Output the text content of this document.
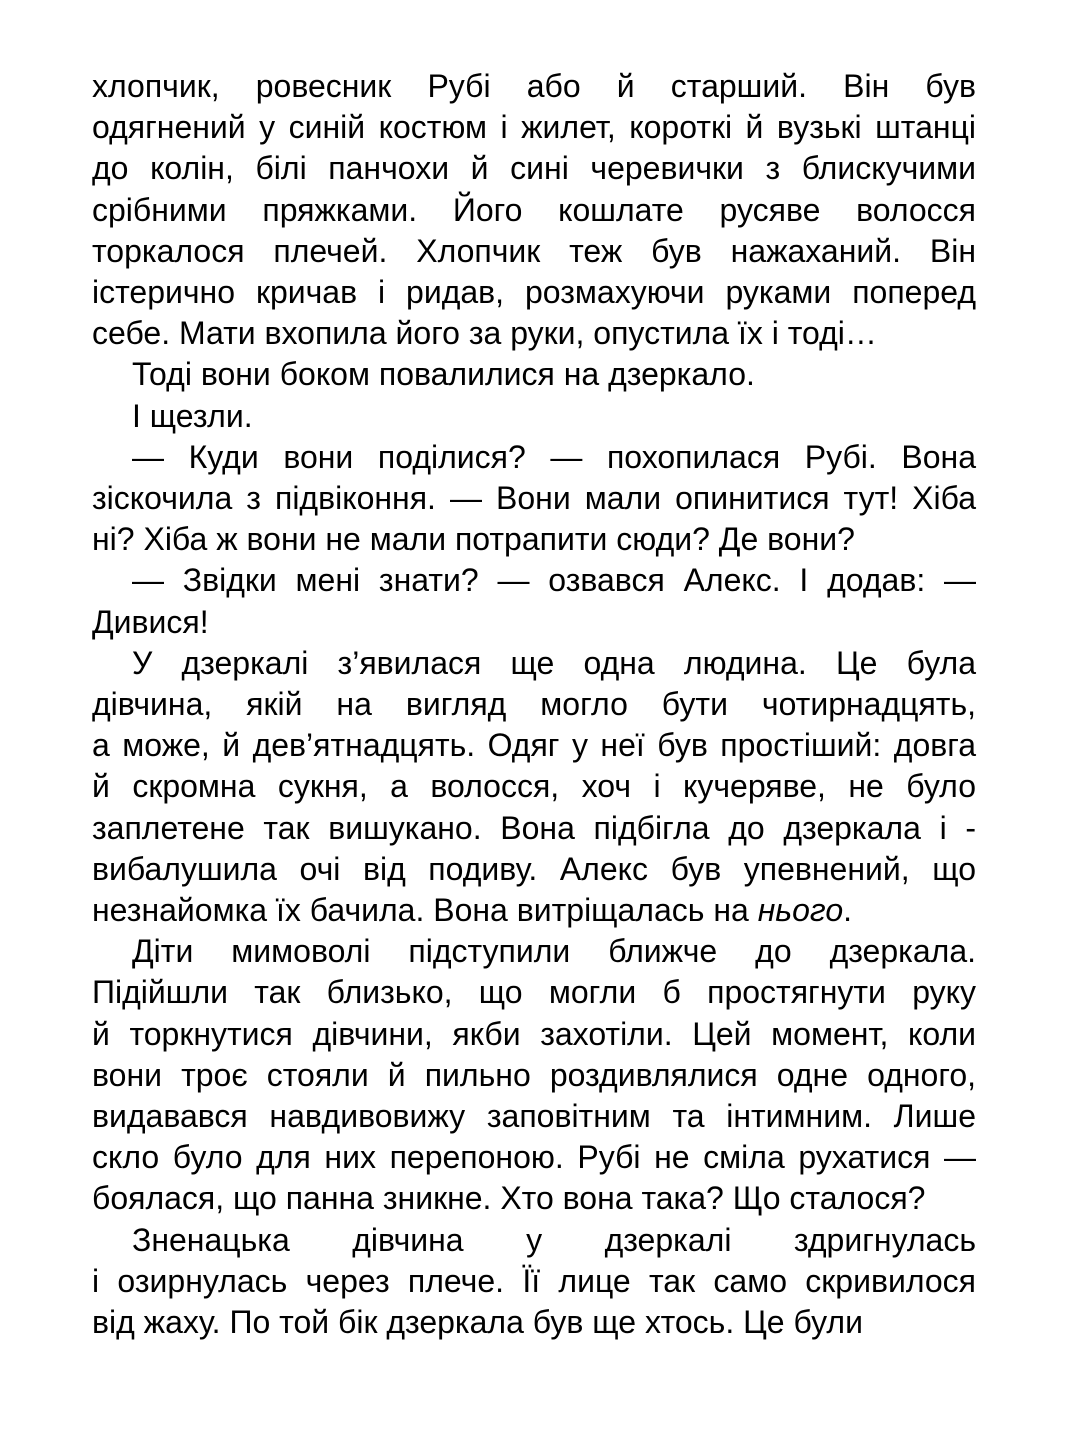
хлопчик, ровесник Рубі або й старший. Він був
одягнений у синій костюм і жилет, короткі й вузькі штанці
до колін, білі панчохи й сині черевички з блискучими
срібними пряжками. Його кошлате русяве волосся
торкалося плечей. Хлопчик теж був нажаханий. Він
істерично кричав і ридав, розмахуючи руками поперед
себе. Мати вхопила його за руки, опустила їх і тоді…
Тоді вони боком повалилися на дзеркало.
І щезли.
— Куди вони поділися? — похопилася Рубі. Вона
зіскочила з підвіконня. — Вони мали опинитися тут! Хіба
ні? Хіба ж вони не мали потрапити сюди? Де вони?
— Звідки мені знати? — озвався Алекс. І додав: —
Дивися!
У дзеркалі з’явилася ще одна людина. Це була
дівчина, якій на вигляд могло бути чотирнадцять,
а може, й дев’ятнадцять. Одяг у неї був простіший: довга
й скромна сукня, а волосся, хоч і кучеряве, не було
заплетене так вишукано. Вона підбігла до дзеркала і -
вибалушила очі від подиву. Алекс був упевнений, що
незнайомка їх бачила. Вона витріщалась на нього.
Діти мимоволі підступили ближче до дзеркала.
Підійшли так близько, що могли б простягнути руку
й торкнутися дівчини, якби захотіли. Цей момент, коли
вони троє стояли й пильно роздивлялися одне одного,
видавався навдивовижу заповітним та інтимним. Лише
скло було для них перепоною. Рубі не сміла рухатися —
боялася, що панна зникне. Хто вона така? Що сталося?
Зненацька дівчина у дзеркалі здригнулась
і озирнулась через плече. Її лице так само скривилося
від жаху. По той бік дзеркала був ще хтось. Це були
